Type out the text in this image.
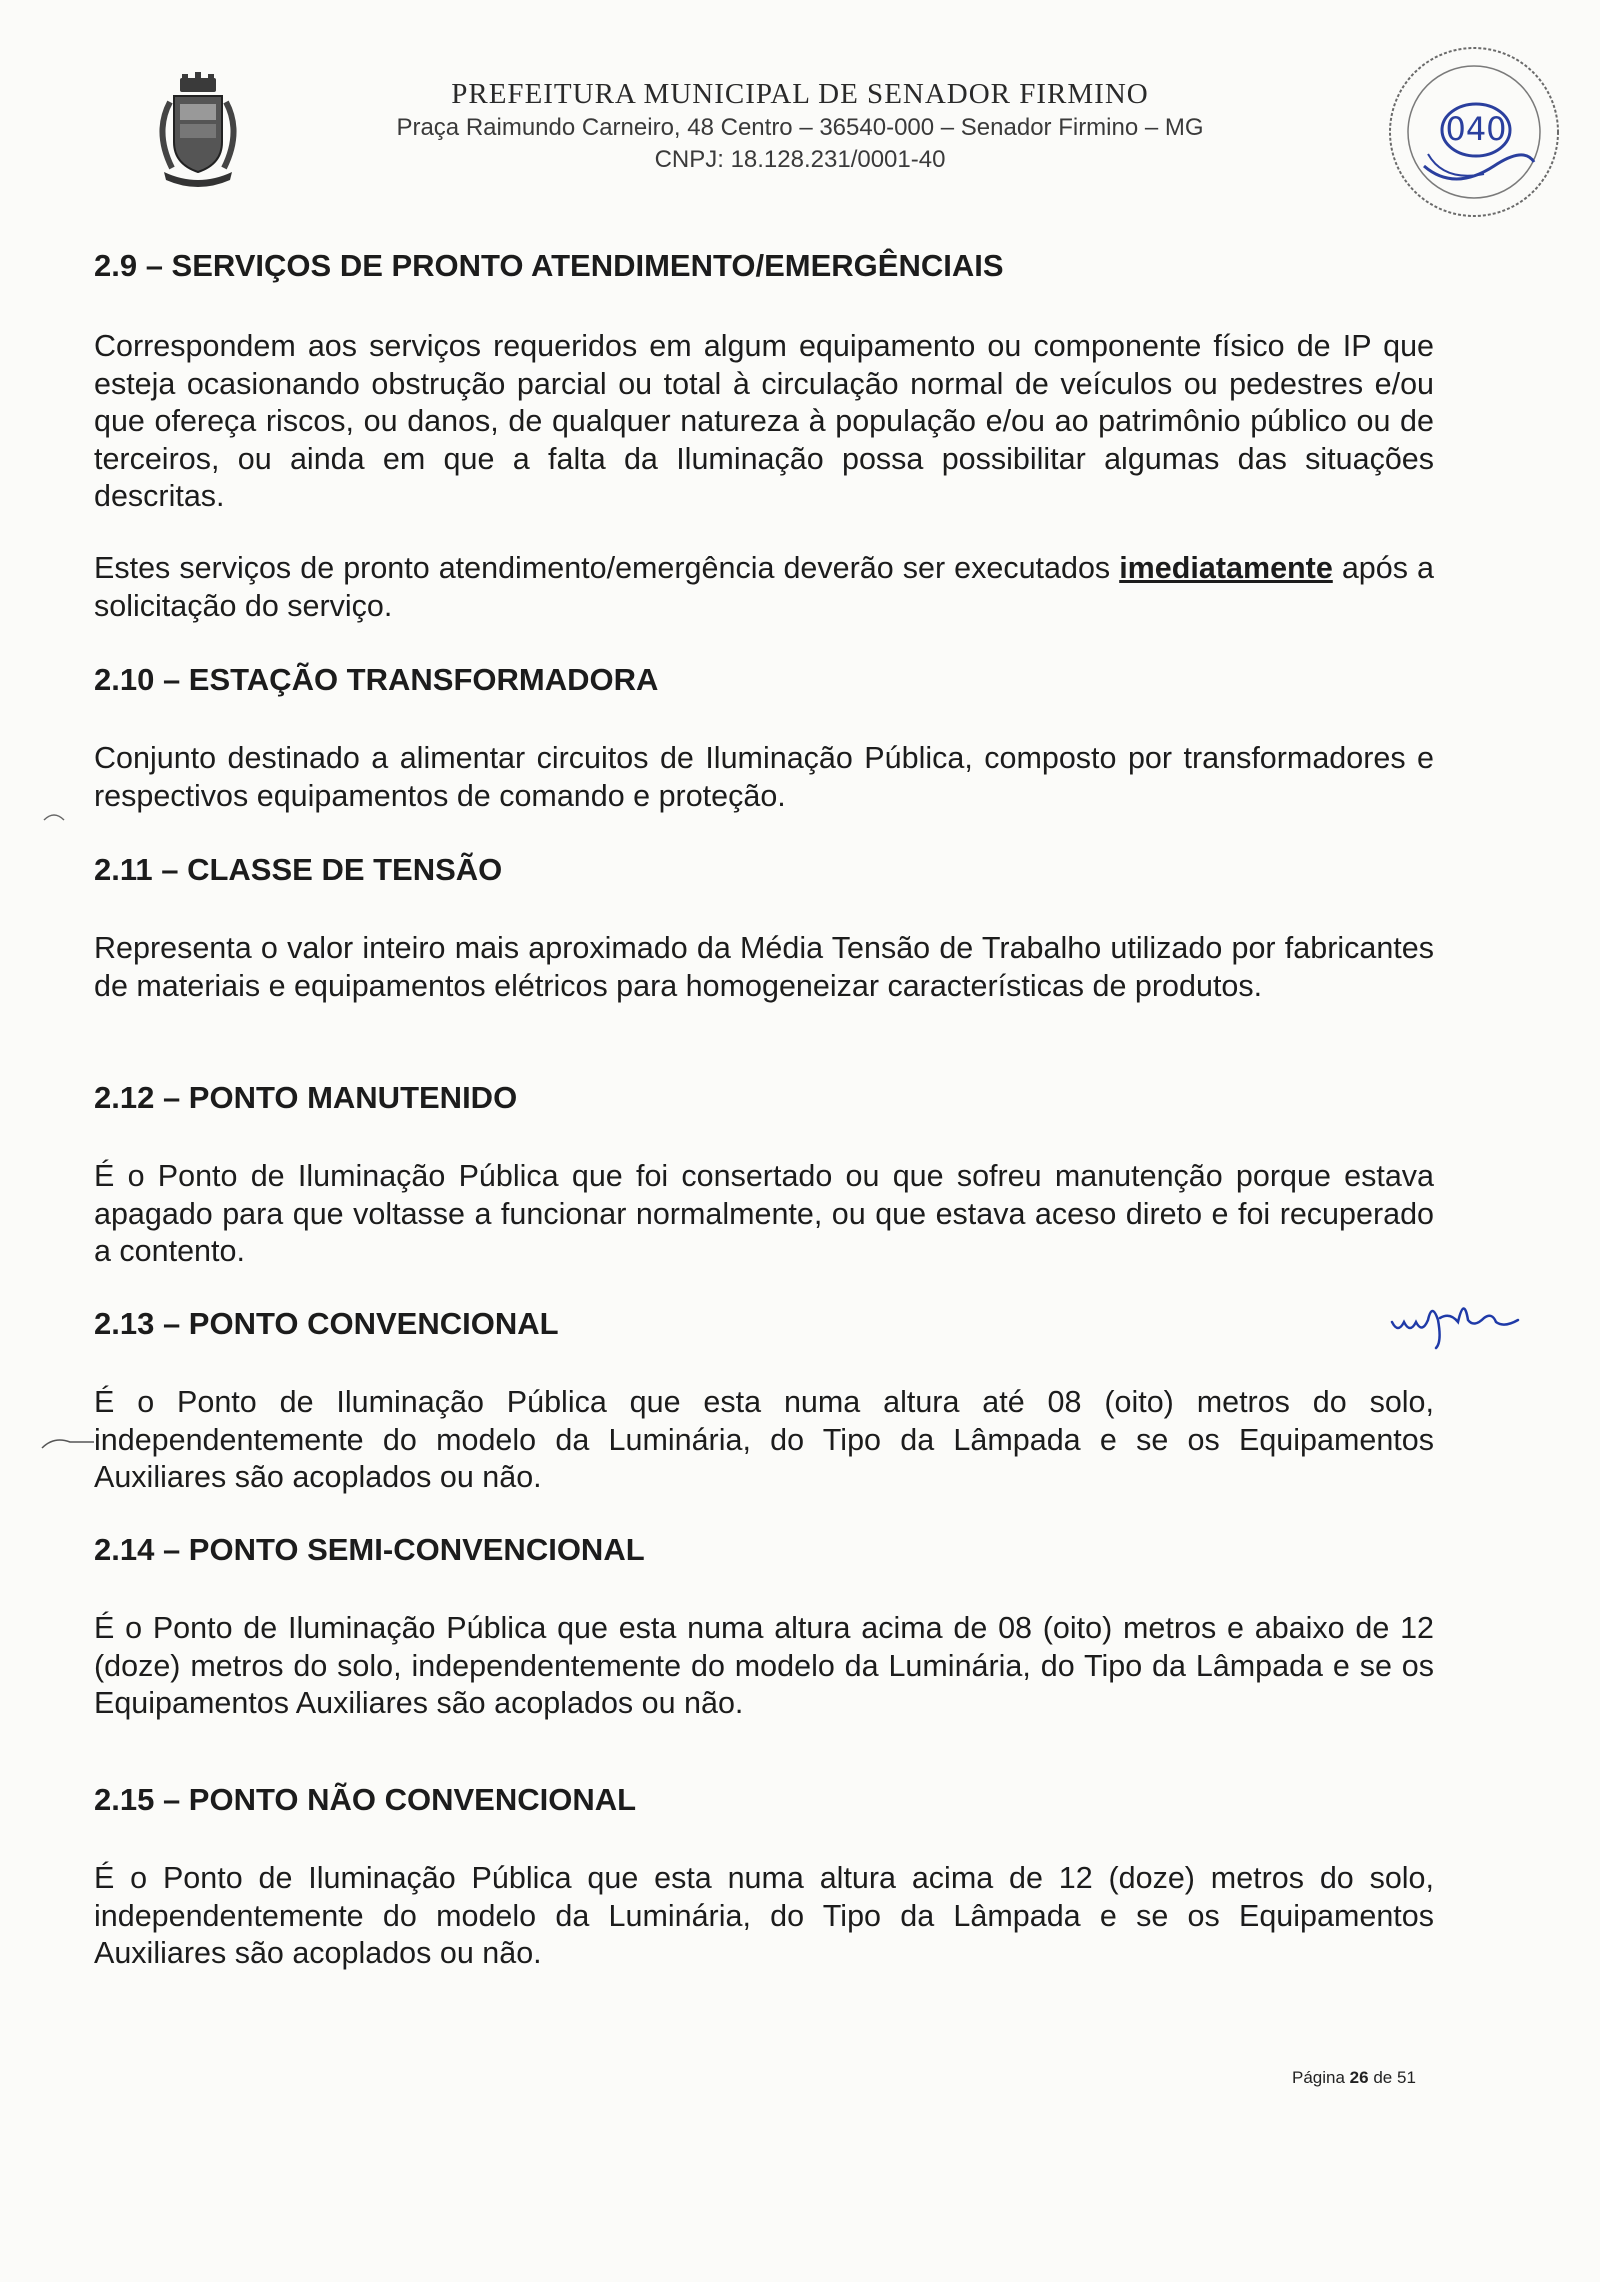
PREFEITURA MUNICIPAL DE SENADOR FIRMINO
Praça Raimundo Carneiro, 48 Centro – 36540-000 – Senador Firmino – MG
CNPJ: 18.128.231/0001-40
040
2.9 – SERVIÇOS DE PRONTO ATENDIMENTO/EMERGÊNCIAIS

Correspondem aos serviços requeridos em algum equipamento ou componente físico de IP que esteja ocasionando obstrução parcial ou total à circulação normal de veículos ou pedestres e/ou que ofereça riscos, ou danos, de qualquer natureza à população e/ou ao patrimônio público ou de terceiros, ou ainda em que a falta da Iluminação possa possibilitar algumas das situações descritas.

Estes serviços de pronto atendimento/emergência deverão ser executados imediatamente após a solicitação do serviço.

2.10 – ESTAÇÃO TRANSFORMADORA

Conjunto destinado a alimentar circuitos de Iluminação Pública, composto por transformadores e respectivos equipamentos de comando e proteção.

2.11 – CLASSE DE TENSÃO

Representa o valor inteiro mais aproximado da Média Tensão de Trabalho utilizado por fabricantes de materiais e equipamentos elétricos para homogeneizar características de produtos.

2.12 – PONTO MANUTENIDO

É o Ponto de Iluminação Pública que foi consertado ou que sofreu manutenção porque estava apagado para que voltasse a funcionar normalmente, ou que estava aceso direto e foi recuperado a contento.

2.13 – PONTO CONVENCIONAL

É o Ponto de Iluminação Pública que esta numa altura até 08 (oito) metros do solo, independentemente do modelo da Luminária, do Tipo da Lâmpada e se os Equipamentos Auxiliares são acoplados ou não.

2.14 – PONTO SEMI-CONVENCIONAL

É o Ponto de Iluminação Pública que esta numa altura acima de 08 (oito) metros e abaixo de 12 (doze) metros do solo, independentemente do modelo da Luminária, do Tipo da Lâmpada e se os Equipamentos Auxiliares são acoplados ou não.

2.15 – PONTO NÃO CONVENCIONAL

É o Ponto de Iluminação Pública que esta numa altura acima de 12 (doze) metros do solo, independentemente do modelo da Luminária, do Tipo da Lâmpada e se os Equipamentos Auxiliares são acoplados ou não.

Página 26 de 51
